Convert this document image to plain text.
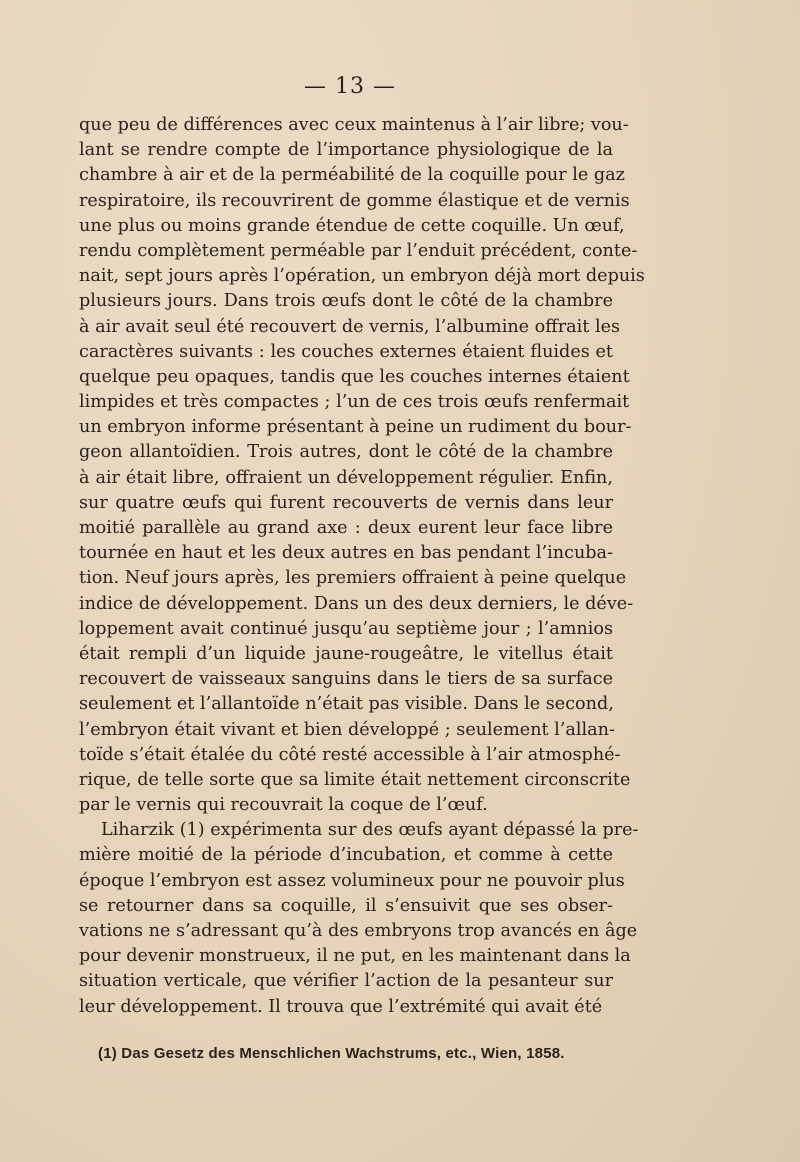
— 13 —
que peu de différences avec ceux maintenus à l’air libre; vou-
lant se rendre compte de l’importance physiologique de la
chambre à air et de la perméabilité de la coquille pour le gaz
respiratoire, ils recouvrirent de gomme élastique et de vernis
une plus ou moins grande étendue de cette coquille. Un œuf,
rendu complètement perméable par l’enduit précédent, conte-
nait, sept jours après l’opération, un embryon déjà mort depuis
plusieurs jours. Dans trois œufs dont le côté de la chambre
à air avait seul été recouvert de vernis, l’albumine offrait les
caractères suivants : les couches externes étaient fluides et
quelque peu opaques, tandis que les couches internes étaient
limpides et très compactes ; l’un de ces trois œufs renfermait
un embryon informe présentant à peine un rudiment du bour-
geon allantoïdien. Trois autres, dont le côté de la chambre
à air était libre, offraient un développement régulier. Enfin,
sur quatre œufs qui furent recouverts de vernis dans leur
moitié parallèle au grand axe : deux eurent leur face libre
tournée en haut et les deux autres en bas pendant l’incuba-
tion. Neuf jours après, les premiers offraient à peine quelque
indice de développement. Dans un des deux derniers, le déve-
loppement avait continué jusqu’au septième jour ; l’amnios
était rempli d’un liquide jaune-rougeâtre, le vitellus était
recouvert de vaisseaux sanguins dans le tiers de sa surface
seulement et l’allantoïde n’était pas visible. Dans le second,
l’embryon était vivant et bien développé ; seulement l’allan-
toïde s’était étalée du côté resté accessible à l’air atmosphé-
rique, de telle sorte que sa limite était nettement circonscrite
par le vernis qui recouvrait la coque de l’œuf.
Liharzik (1) expérimenta sur des œufs ayant dépassé la pre-
mière moitié de la période d’incubation, et comme à cette
époque l’embryon est assez volumineux pour ne pouvoir plus
se retourner dans sa coquille, il s’ensuivit que ses obser-
vations ne s’adressant qu’à des embryons trop avancés en âge
pour devenir monstrueux, il ne put, en les maintenant dans la
situation verticale, que vérifier l’action de la pesanteur sur
leur développement. Il trouva que l’extrémité qui avait été
(1) Das Gesetz des Menschlichen Wachstrums, etc., Wien, 1858.
